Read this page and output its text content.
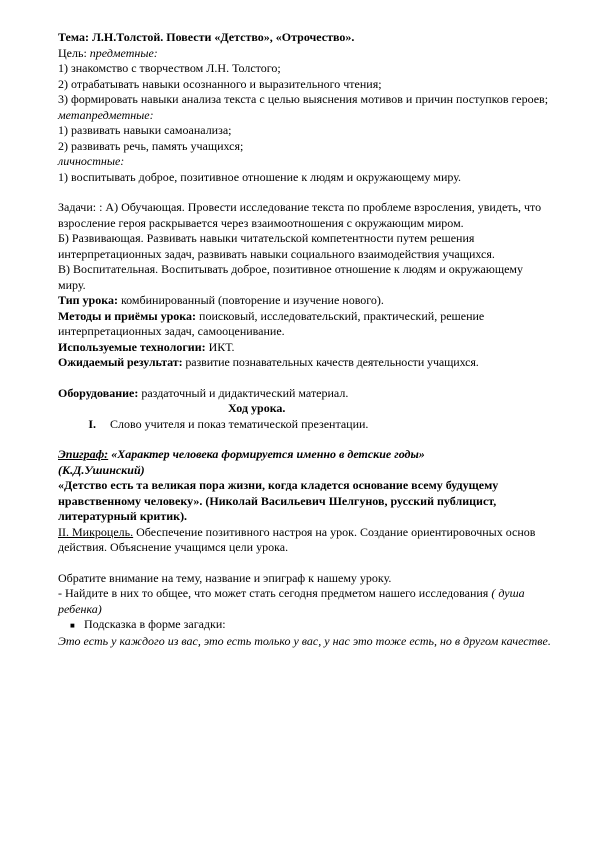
Тема: Л.Н.Толстой. Повести «Детство», «Отрочество».

Цель: предметные:

1) знакомство с творчеством Л.Н. Толстого;

2) отрабатывать навыки осознанного и выразительного чтения;

3) формировать навыки анализа текста с целью выяснения мотивов и причин поступков героев;

метапредметные:

1) развивать навыки самоанализа;

2) развивать речь, память учащихся;

личностные:

1) воспитывать доброе, позитивное отношение к людям и окружающему миру.

Задачи: : А) Обучающая. Провести исследование текста по проблеме взросления, увидеть, что взросление героя раскрывается через взаимоотношения с окружающим миром.

Б) Развивающая. Развивать навыки читательской компетентности путем решения интерпретационных задач, развивать навыки социального взаимодействия учащихся.

В) Воспитательная. Воспитывать доброе, позитивное отношение к людям и окружающему миру.

Тип урока: комбинированный (повторение и изучение нового).

Методы и приёмы урока: поисковый, исследовательский, практический, решение интерпретационных задач, самооценивание.

Используемые технологии: ИКТ.

Ожидаемый результат: развитие познавательных качеств деятельности учащихся.

Оборудование: раздаточный и дидактический материал.

Ход урока.

I.	Слово учителя и показ тематической презентации.

Эпиграф: «Характер человека формируется именно в детские годы»

(К.Д.Ушинский)

«Детство есть та великая пора жизни, когда кладется основание всему будущему нравственному человеку». (Николай Васильевич Шелгунов, русский публицист, литературный критик).

II. Микроцель. Обеспечение позитивного настроя на урок. Создание ориентировочных основ действия. Объяснение учащимся цели урока.

Обратите внимание на тему, название и эпиграф к нашему уроку.

- Найдите в них то общее, что может стать сегодня предметом нашего исследования ( душа ребенка)

■ Подсказка в форме загадки:

Это есть у каждого из вас, это есть только у вас, у нас это тоже есть, но в другом качестве.
